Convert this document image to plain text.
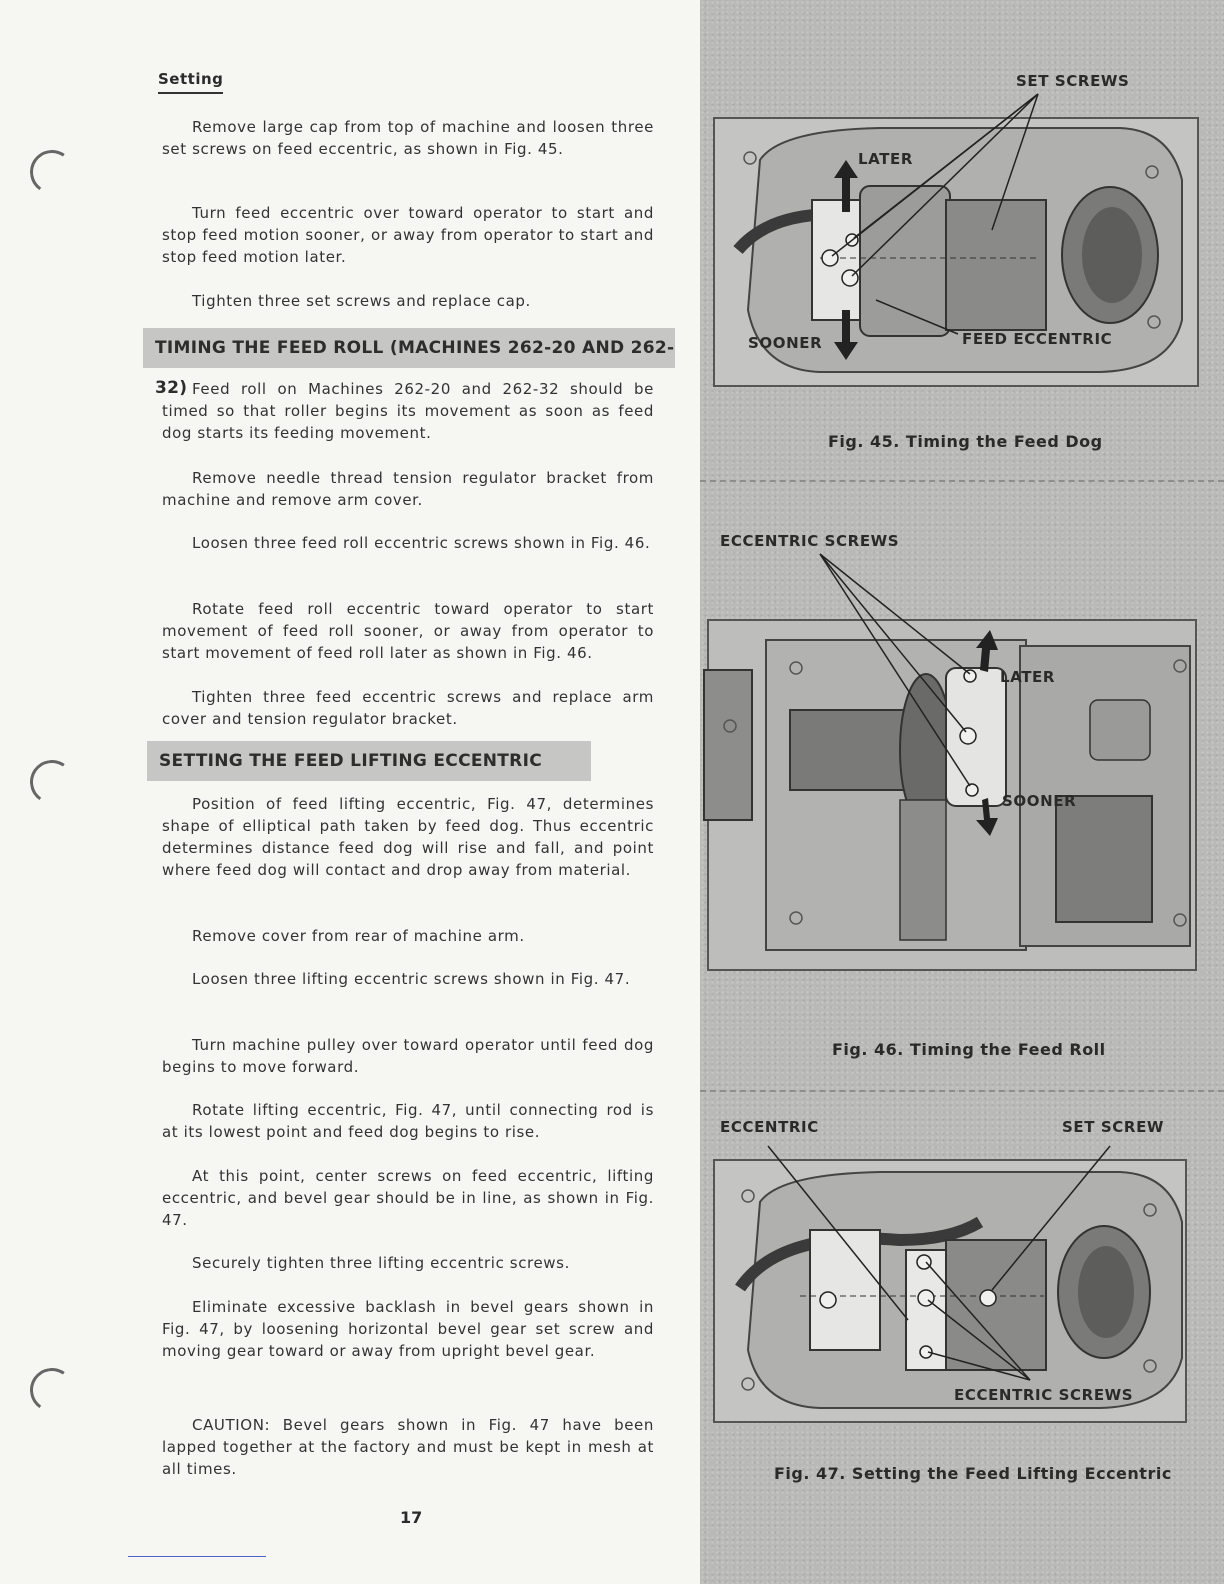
Setting

Remove large cap from top of machine and loosen three set screws on feed eccentric, as shown in Fig. 45.

Turn feed eccentric over toward operator to start and stop feed motion sooner, or away from operator to start and stop feed motion later.

Tighten three set screws and replace cap.

TIMING THE FEED ROLL (MACHINES 262-20 AND 262-32) Feed roll on Machines 262-20 and 262-32 should be timed so that roller begins its movement as soon as feed dog starts its feeding movement.

Remove needle thread tension regulator bracket from machine and remove arm cover.

Loosen three feed roll eccentric screws shown in Fig. 46.

Rotate feed roll eccentric toward operator to start movement of feed roll sooner, or away from operator to start movement of feed roll later as shown in Fig. 46.

Tighten three feed eccentric screws and replace arm cover and tension regulator bracket.

SETTING THE FEED LIFTING ECCENTRIC

Position of feed lifting eccentric, Fig. 47, determines shape of elliptical path taken by feed dog. Thus eccentric determines distance feed dog will rise and fall, and point where feed dog will contact and drop away from material.

Remove cover from rear of machine arm.

Loosen three lifting eccentric screws shown in Fig. 47.

Turn machine pulley over toward operator until feed dog begins to move forward.

Rotate lifting eccentric, Fig. 47, until connecting rod is at its lowest point and feed dog begins to rise.

At this point, center screws on feed eccentric, lifting eccentric, and bevel gear should be in line, as shown in Fig. 47.

Securely tighten three lifting eccentric screws.

Eliminate excessive backlash in bevel gears shown in Fig. 47, by loosening horizontal bevel gear set screw and moving gear toward or away from upright bevel gear.

CAUTION: Bevel gears shown in Fig. 47 have been lapped together at the factory and must be kept in mesh at all times.

17
SET SCREWS
LATER
SOONER	FEED ECCENTRIC
Fig. 45. Timing the Feed Dog
ECCENTRIC SCREWS
LATER
SOONER
Fig. 46. Timing the Feed Roll
ECCENTRIC	SET SCREW
ECCENTRIC SCREWS
Fig. 47. Setting the Feed Lifting Eccentric
